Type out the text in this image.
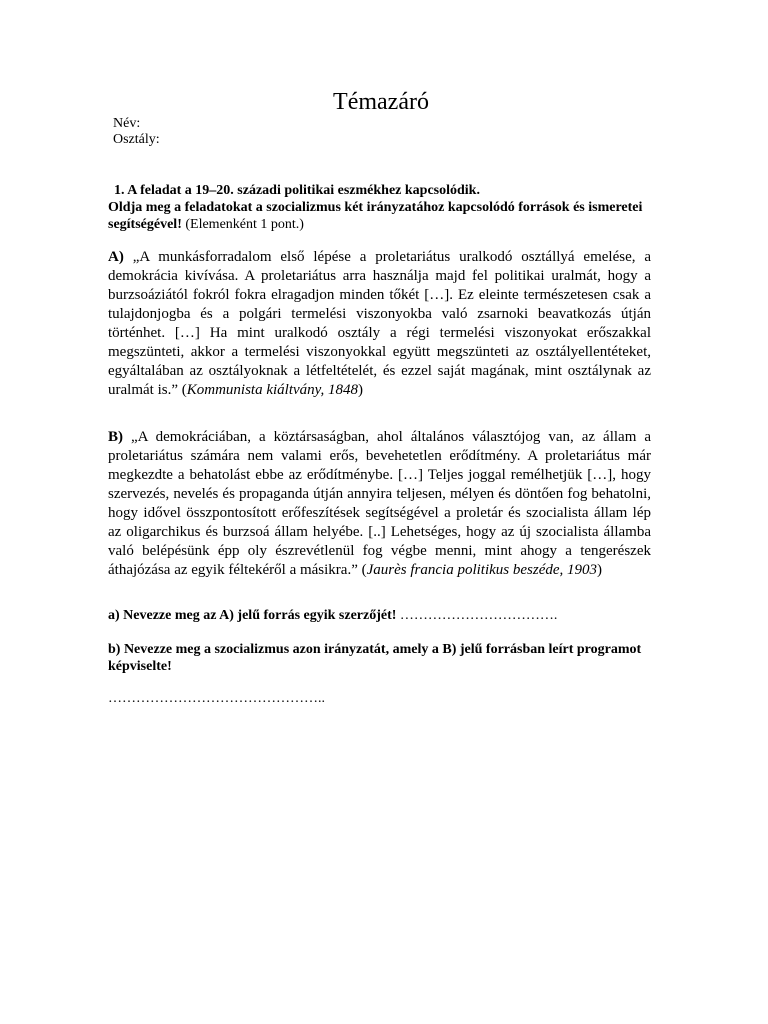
Témazáró
Név:
Osztály:
1. A feladat a 19–20. századi politikai eszmékhez kapcsolódik.
Oldja meg a feladatokat a szocializmus két irányzatához kapcsolódó források és ismeretei segítségével! (Elemenként 1 pont.)

A) „A munkásforradalom első lépése a proletariátus uralkodó osztállyá emelése, a demokrácia kivívása. A proletariátus arra használja majd fel politikai uralmát, hogy a burzsoáziától fokról fokra elragadjon minden tőkét […]. Ez eleinte természetesen csak a tulajdonjogba és a polgári termelési viszonyokba való zsarnoki beavatkozás útján történhet. […] Ha mint uralkodó osztály a régi termelési viszonyokat erőszakkal megszünteti, akkor a termelési viszonyokkal együtt megszünteti az osztályellentéteket, egyáltalában az osztályoknak a létfeltételét, és ezzel saját magának, mint osztálynak az uralmát is.” (Kommunista kiáltvány, 1848)

B) „A demokráciában, a köztársaságban, ahol általános választójog van, az állam a proletariátus számára nem valami erős, bevehetetlen erődítmény. A proletariátus már megkezdte a behatolást ebbe az erődítménybe. […] Teljes joggal remélhetjük […], hogy szervezés, nevelés és propaganda útján annyira teljesen, mélyen és döntően fog behatolni, hogy idővel összpontosított erőfeszítések segítségével a proletár és szocialista állam lép az oligarchikus és burzsoá állam helyébe. [..] Lehetséges, hogy az új szocialista államba való belépésünk épp oly észrevétlenül fog végbe menni, mint ahogy a tengerészek áthajózása az egyik féltekéről a másikra.” (Jaurès francia politikus beszéde, 1903)

a) Nevezze meg az A) jelű forrás egyik szerzőjét! …………………………….

b) Nevezze meg a szocializmus azon irányzatát, amely a B) jelű forrásban leírt programot képviselte!

………………………………………..
